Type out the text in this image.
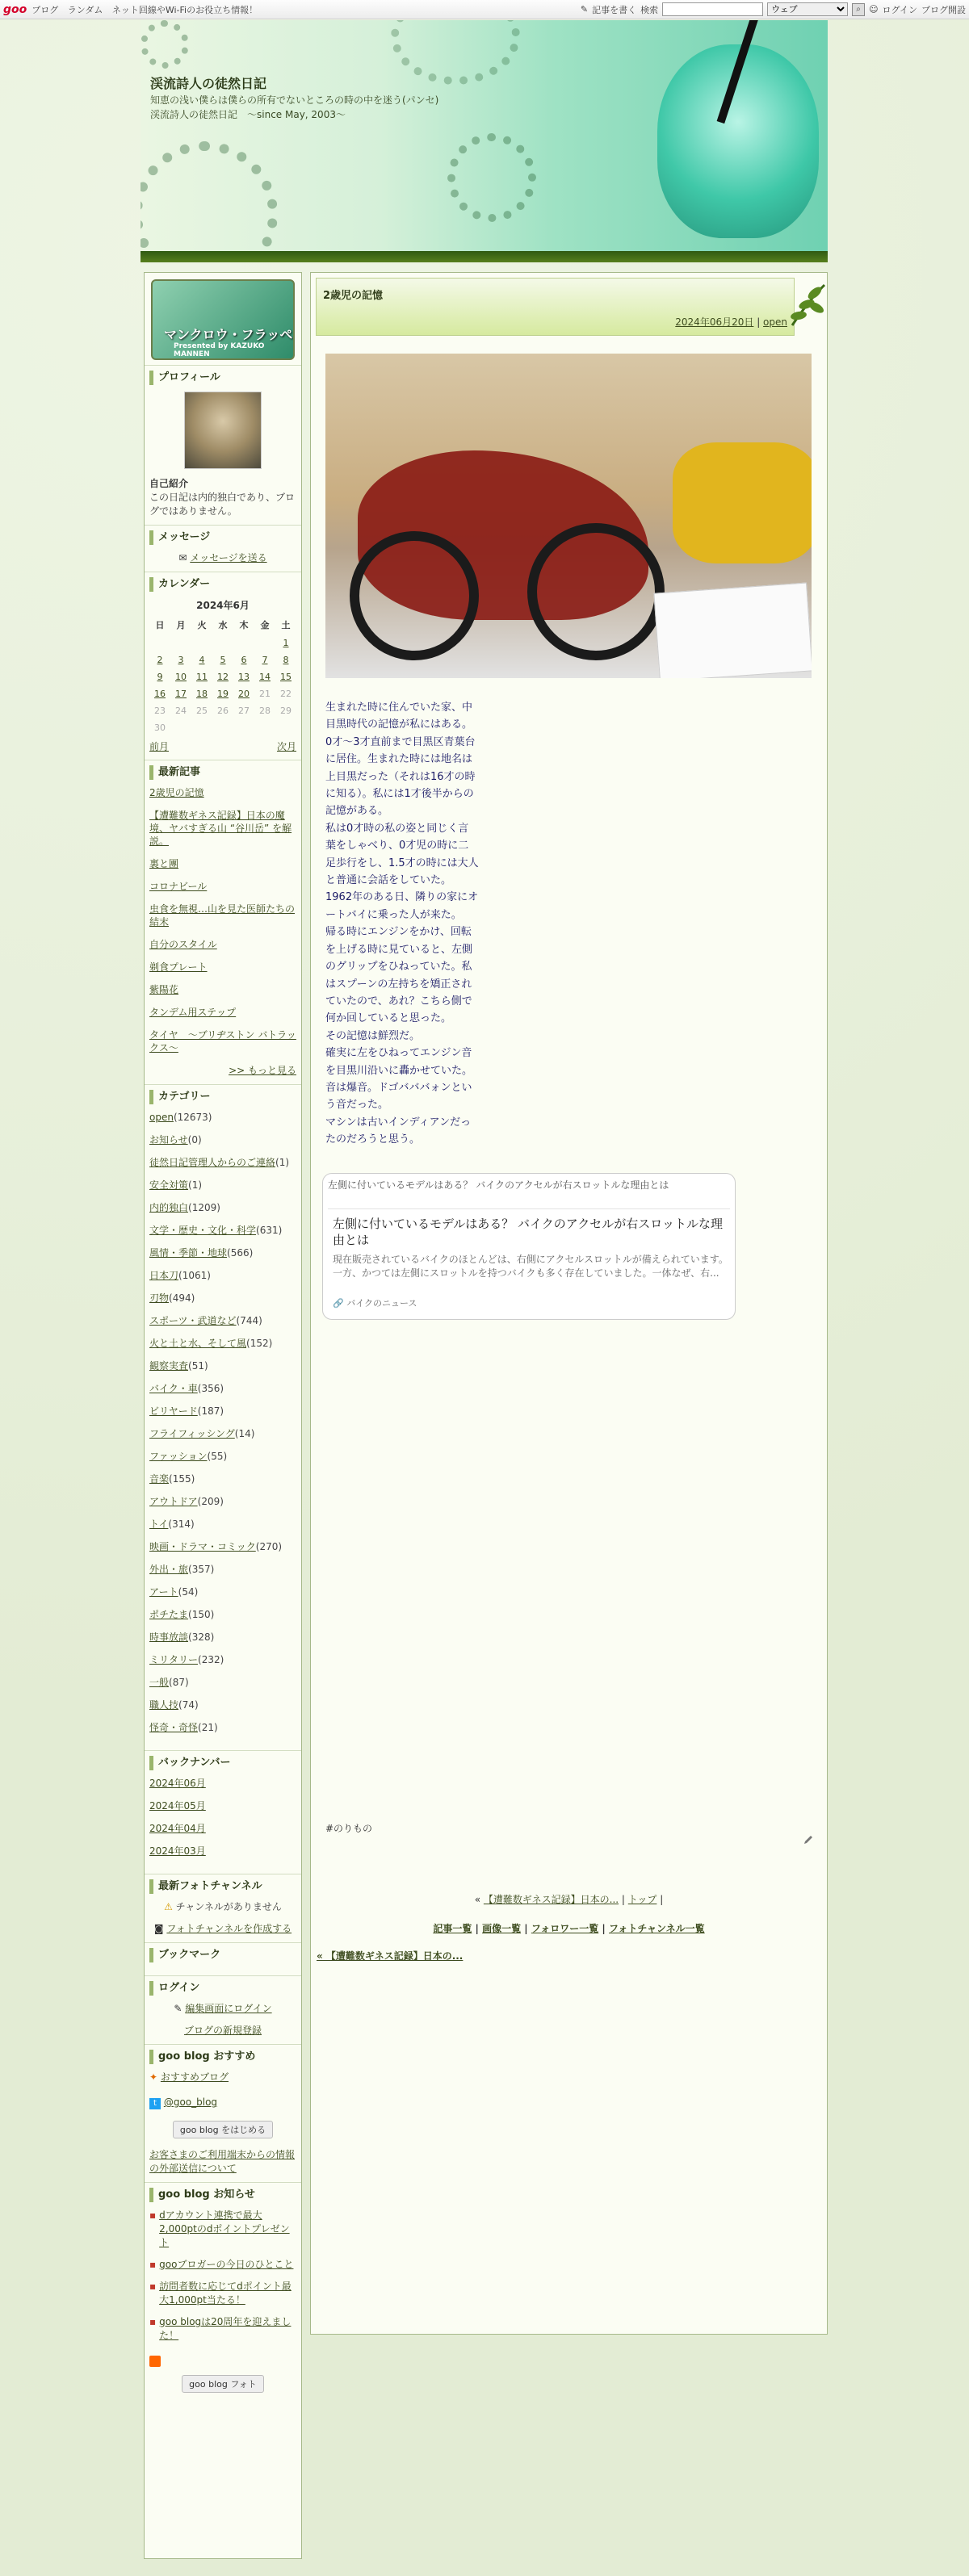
goo ブログ ランダム ネット回線やWi-Fiのお役立ち情報！	✎ 記事を書く 検索
ウェブ	⌕ ☺ ログイン ブログ開設
渓流詩人の徒然日記
知恵の浅い僕らは僕らの所有でないところの時の中を迷う(パンセ)　渓流詩人の徒然日記　～since May, 2003～
マンクロウ・フラッペ
Presented by KAZUKO MANNEN
プロフィール
自己紹介
この日記は内的独白であり、ブログではありません。
メッセージ
✉ メッセージを送る
カレンダー
2024年6月
日	月	火	水	木	金	土
						1
2	3	4	5	6	7	8
9	10	11	12	13	14	15
16	17	18	19	20	21	22
23	24	25	26	27	28	29
30						
前月	次月
最新記事
2歳児の記憶
【遭難数ギネス記録】日本の魔境、ヤバすぎる山 “谷川岳” を解説。
裏と團
コロナビール
虫食を無視…山を見た医師たちの結末
自分のスタイル
剃食プレート
紫陽花
タンデム用ステップ
タイヤ　～ブリヂストン バトラックス～
>> もっと見る
カテゴリー
open(12673)
お知らせ(0)
徒然日記管理人からのご連絡(1)
安全対策(1)
内的独白(1209)
文学・歴史・文化・科学(631)
風情・季節・地球(566)
日本刀(1061)
刃物(494)
スポーツ・武道など(744)
火と土と水、そして風(152)
観察実査(51)
バイク・車(356)
ビリヤード(187)
フライフィッシング(14)
ファッション(55)
音楽(155)
アウトドア(209)
トイ(314)
映画・ドラマ・コミック(270)
外出・旅(357)
アート(54)
ポチたま(150)
時事放談(328)
ミリタリー(232)
一般(87)
職人技(74)
怪奇・奇怪(21)
バックナンバー
2024年06月
2024年05月
2024年04月
2024年03月
最新フォトチャンネル
⚠ チャンネルがありません
◙ フォトチャンネルを作成する
ブックマーク
ログイン
✎ 編集画面にログイン
ブログの新規登録
goo blog おすすめ
✦ おすすめブログ
t @goo_blog
goo blog をはじめる
お客さまのご利用端末からの情報の外部送信について
goo blog お知らせ
▪ dアカウント連携で最大2,000ptのdポイントプレゼント
▪ gooブロガーの今日のひとこと
▪ 訪問者数に応じてdポイント最大1,000pt当たる！
▪ goo blogは20周年を迎えました！
goo blog フォト
2歳児の記憶
2024年06月20日 | open
生まれた時に住んでいた家、中目黒時代の記憶が私にはある。0才〜3才直前まで目黒区青葉台に居住。生まれた時には地名は上目黒だった（それは16才の時に知る）。私には1才後半からの記憶がある。
私は0才時の私の姿と同じく言葉をしゃべり、0才児の時に二足歩行をし、1.5才の時には大人と普通に会話をしていた。
1962年のある日、隣りの家にオートバイに乗った人が来た。
帰る時にエンジンをかけ、回転を上げる時に見ていると、左側のグリップをひねっていた。私はスプーンの左持ちを矯正されていたので、あれ？こちら側で何か回していると思った。
その記憶は鮮烈だ。
確実に左をひねってエンジン音を目黒川沿いに轟かせていた。
音は爆音。ドゴバババォンという音だった。
マシンは古いインディアンだったのだろうと思う。
左側に付いているモデルはある？ バイクのアクセルが右スロットルな理由とは
左側に付いているモデルはある？ バイクのアクセルが右スロットルな理由とは
現在販売されているバイクのほとんどは、右側にアクセルスロットルが備えられています。一方、かつては左側にスロットルを持つバイクも多く存在していました。一体なぜ、右...
🔗 バイクのニュース
#のりもの
« 【遭難数ギネス記録】日本の... | トップ |
記事一覧 | 画像一覧 | フォロワー一覧 | フォトチャンネル一覧
« 【遭難数ギネス記録】日本の...
